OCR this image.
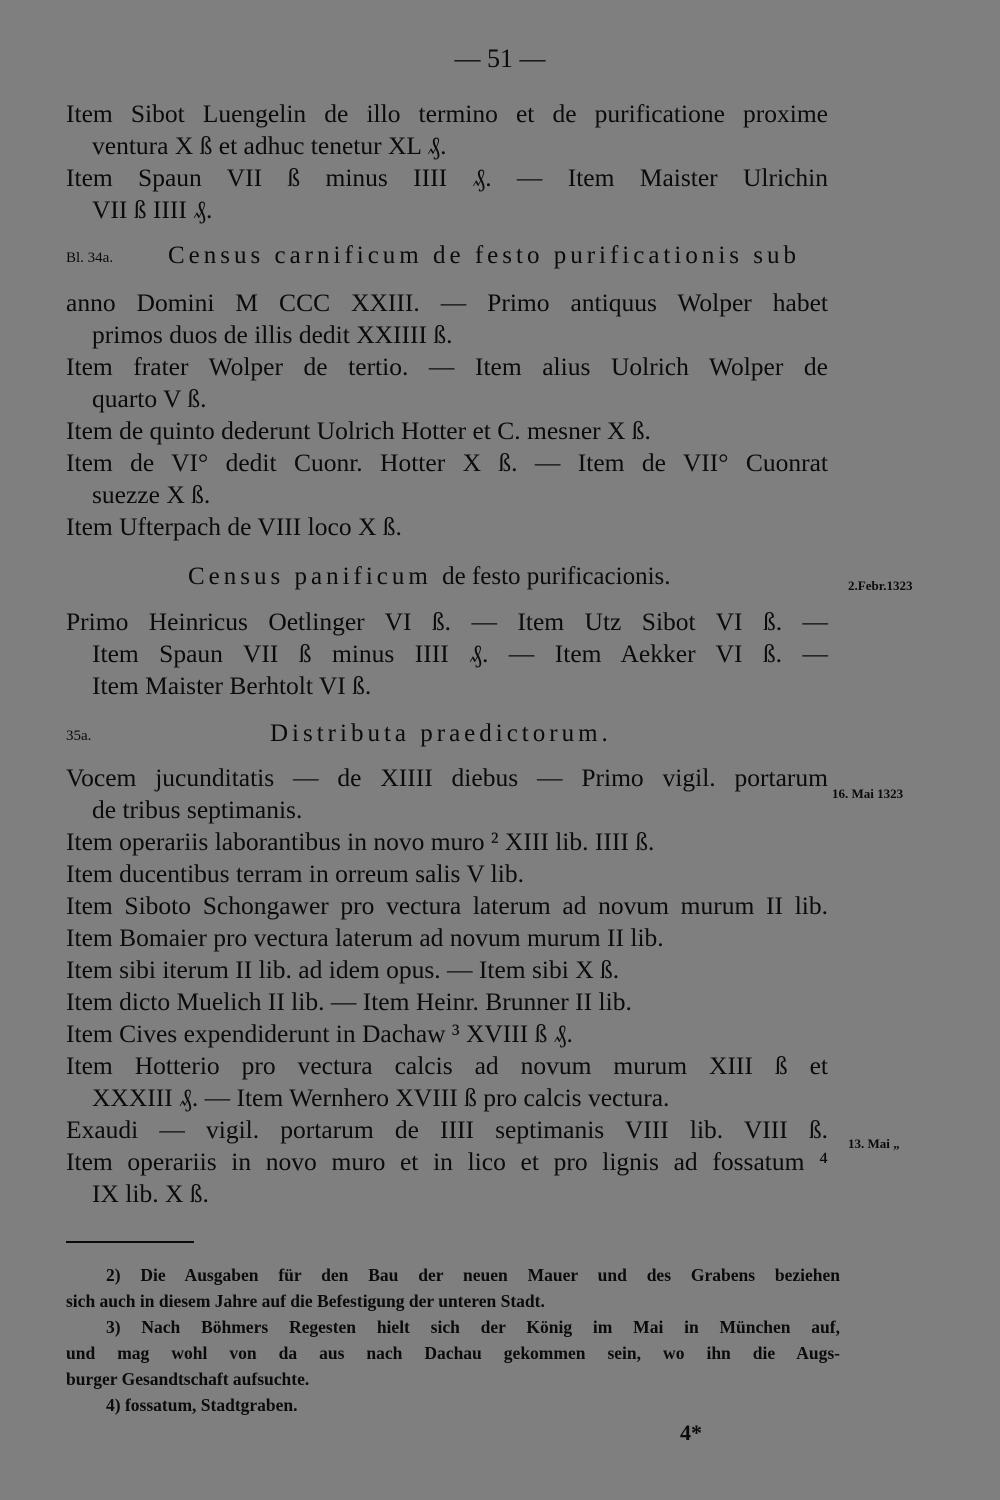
— 51 —
Item Sibot Luengelin de illo termino et de purificatione proxime
ventura X ß et adhuc tenetur XL ₰.
Item Spaun VII ß minus IIII ₰. — Item Maister Ulrichin
VII ß IIII ₰.
Bl. 34a. Census carnificum de festo purificationis sub
anno Domini M CCC XXIII. — Primo antiquus Wolper habet
primos duos de illis dedit XXIIII ß.
Item frater Wolper de tertio. — Item alius Uolrich Wolper de
quarto V ß.
Item de quinto dederunt Uolrich Hotter et C. mesner X ß.
Item de VI° dedit Cuonr. Hotter X ß. — Item de VII° Cuonrat
suezze X ß.
Item Ufterpach de VIII loco X ß.
Census panificum de festo purificacionis.	2.Febr.1323
Primo Heinricus Oetlinger VI ß. — Item Utz Sibot VI ß. —
Item Spaun VII ß minus IIII ₰. — Item Aekker VI ß. —
Item Maister Berhtolt VI ß.
35a.	Distributa praedictorum.
Vocem jucunditatis — de XIIII diebus — Primo vigil. portarum
de tribus septimanis.
Item operariis laborantibus in novo muro ² XIII lib. IIII ß.
Item ducentibus terram in orreum salis V lib.
Item Siboto Schongawer pro vectura laterum ad novum murum II lib.
Item Bomaier pro vectura laterum ad novum murum II lib.
Item sibi iterum II lib. ad idem opus. — Item sibi X ß.
Item dicto Muelich II lib. — Item Heinr. Brunner II lib.
Item Cives expendiderunt in Dachaw ³ XVIII ß ₰.
Item Hotterio pro vectura calcis ad novum murum XIII ß et
XXXIII ₰. — Item Wernhero XVIII ß pro calcis vectura.
Exaudi — vigil. portarum de IIII septimanis VIII lib. VIII ß.
Item operariis in novo muro et in lico et pro lignis ad fossatum ⁴
IX lib. X ß.
16. Mai 1323
13. Mai „
2) Die Ausgaben für den Bau der neuen Mauer und des Grabens beziehen
sich auch in diesem Jahre auf die Befestigung der unteren Stadt.
3) Nach Böhmers Regesten hielt sich der König im Mai in München auf,
und mag wohl von da aus nach Dachau gekommen sein, wo ihn die Augs-
burger Gesandtschaft aufsuchte.
4) fossatum, Stadtgraben.
4*
